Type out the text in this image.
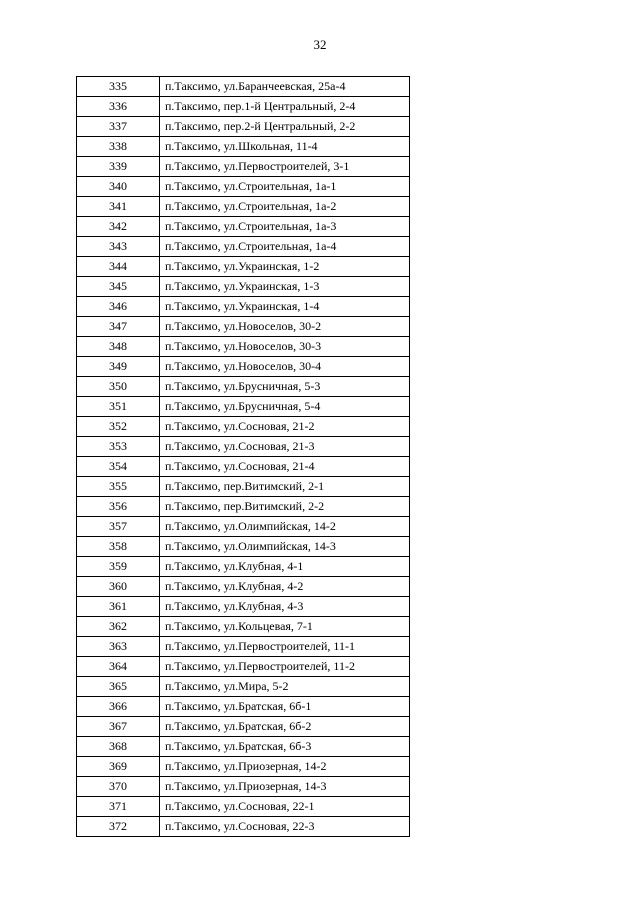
32
335	п.Таксимо, ул.Баранчеевская, 25а-4
336	п.Таксимо, пер.1-й Центральный, 2-4
337	п.Таксимо, пер.2-й Центральный, 2-2
338	п.Таксимо, ул.Школьная, 11-4
339	п.Таксимо, ул.Первостроителей, 3-1
340	п.Таксимо, ул.Строительная, 1а-1
341	п.Таксимо, ул.Строительная, 1а-2
342	п.Таксимо, ул.Строительная, 1а-3
343	п.Таксимо, ул.Строительная, 1а-4
344	п.Таксимо, ул.Украинская, 1-2
345	п.Таксимо, ул.Украинская, 1-3
346	п.Таксимо, ул.Украинская, 1-4
347	п.Таксимо, ул.Новоселов, 30-2
348	п.Таксимо, ул.Новоселов, 30-3
349	п.Таксимо, ул.Новоселов, 30-4
350	п.Таксимо, ул.Брусничная, 5-3
351	п.Таксимо, ул.Брусничная, 5-4
352	п.Таксимо, ул.Сосновая, 21-2
353	п.Таксимо, ул.Сосновая, 21-3
354	п.Таксимо, ул.Сосновая, 21-4
355	п.Таксимо, пер.Витимский, 2-1
356	п.Таксимо, пер.Витимский, 2-2
357	п.Таксимо, ул.Олимпийская, 14-2
358	п.Таксимо, ул.Олимпийская, 14-3
359	п.Таксимо, ул.Клубная, 4-1
360	п.Таксимо, ул.Клубная, 4-2
361	п.Таксимо, ул.Клубная, 4-3
362	п.Таксимо, ул.Кольцевая, 7-1
363	п.Таксимо, ул.Первостроителей, 11-1
364	п.Таксимо, ул.Первостроителей, 11-2
365	п.Таксимо, ул.Мира, 5-2
366	п.Таксимо, ул.Братская, 6б-1
367	п.Таксимо, ул.Братская, 6б-2
368	п.Таксимо, ул.Братская, 6б-3
369	п.Таксимо, ул.Приозерная, 14-2
370	п.Таксимо, ул.Приозерная, 14-3
371	п.Таксимо, ул.Сосновая, 22-1
372	п.Таксимо, ул.Сосновая, 22-3
